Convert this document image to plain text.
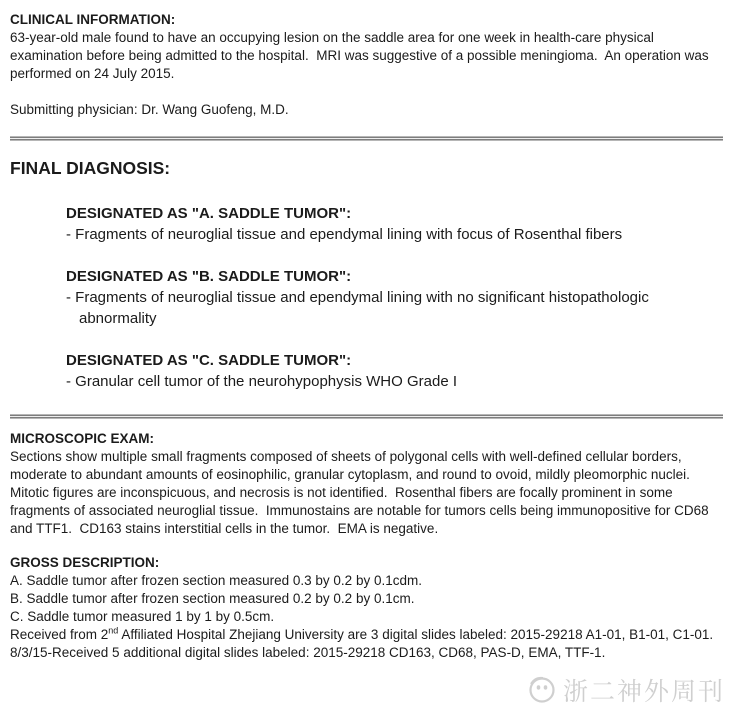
CLINICAL INFORMATION:

63-year-old male found to have an occupying lesion on the saddle area for one week in health-care physical examination before being admitted to the hospital.  MRI was suggestive of a possible meningioma.  An operation was performed on 24 July 2015.

Submitting physician: Dr. Wang Guofeng, M.D.

FINAL DIAGNOSIS:
DESIGNATED AS "A. SADDLE TUMOR":
- Fragments of neuroglial tissue and ependymal lining with focus of Rosenthal fibers
DESIGNATED AS "B. SADDLE TUMOR":
- Fragments of neuroglial tissue and ependymal lining with no significant histopathologic abnormality
DESIGNATED AS "C. SADDLE TUMOR":
- Granular cell tumor of the neurohypophysis WHO Grade I
MICROSCOPIC EXAM:

Sections show multiple small fragments composed of sheets of polygonal cells with well-defined cellular borders, moderate to abundant amounts of eosinophilic, granular cytoplasm, and round to ovoid, mildly pleomorphic nuclei.  Mitotic figures are inconspicuous, and necrosis is not identified.  Rosenthal fibers are focally prominent in some fragments of associated neuroglial tissue.  Immunostains are notable for tumors cells being immunopositive for CD68 and TTF1.  CD163 stains interstitial cells in the tumor.  EMA is negative.

GROSS DESCRIPTION:
A. Saddle tumor after frozen section measured 0.3 by 0.2 by 0.1cdm.
B. Saddle tumor after frozen section measured 0.2 by 0.2 by 0.1cm.
C. Saddle tumor measured 1 by 1 by 0.5cm.
Received from 2nd Affiliated Hospital Zhejiang University are 3 digital slides labeled: 2015-29218 A1-01, B1-01, C1-01.
8/3/15-Received 5 additional digital slides labeled: 2015-29218 CD163, CD68, PAS-D, EMA, TTF-1.
浙二神外周刊
